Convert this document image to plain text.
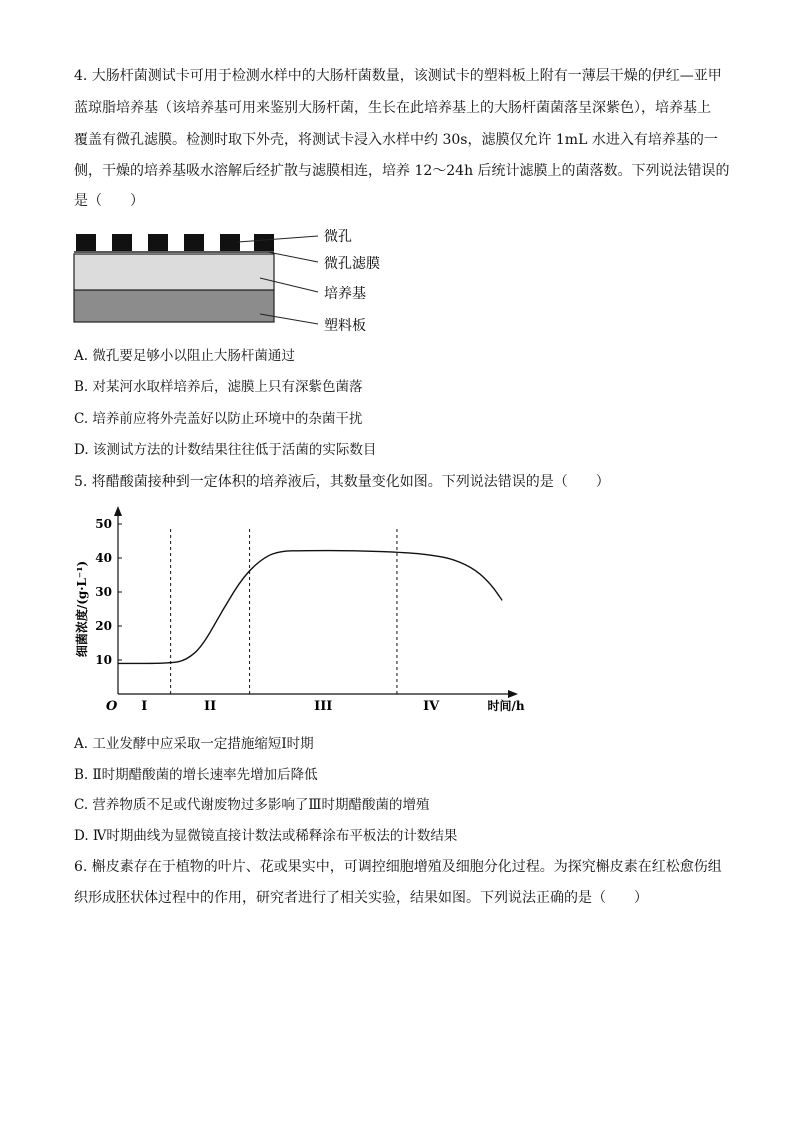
4. 大肠杆菌测试卡可用于检测水样中的大肠杆菌数量，该测试卡的塑料板上附有一薄层干燥的伊红—亚甲
蓝琼脂培养基（该培养基可用来鉴别大肠杆菌，生长在此培养基上的大肠杆菌菌落呈深紫色），培养基上
覆盖有微孔滤膜。检测时取下外壳，将测试卡浸入水样中约 30s，滤膜仅允许 1mL 水进入有培养基的一
侧，干燥的培养基吸水溶解后经扩散与滤膜相连，培养 12～24h 后统计滤膜上的菌落数。下列说法错误的
是（　　）
微孔
微孔滤膜
培养基
塑料板
A. 微孔要足够小以阻止大肠杆菌通过
B. 对某河水取样培养后，滤膜上只有深紫色菌落
C. 培养前应将外壳盖好以防止环境中的杂菌干扰
D. 该测试方法的计数结果往往低于活菌的实际数目
5. 将醋酸菌接种到一定体积的培养液后，其数量变化如图。下列说法错误的是（　　）
10
20
30
40
50
O
细菌浓度/(g·L⁻¹)
时间/h
I	II	III	IV
A. 工业发酵中应采取一定措施缩短Ⅰ时期
B. Ⅱ时期醋酸菌的增长速率先增加后降低
C. 营养物质不足或代谢废物过多影响了Ⅲ时期醋酸菌的增殖
D. Ⅳ时期曲线为显微镜直接计数法或稀释涂布平板法的计数结果
6. 槲皮素存在于植物的叶片、花或果实中，可调控细胞增殖及细胞分化过程。为探究槲皮素在红松愈伤组
织形成胚状体过程中的作用，研究者进行了相关实验，结果如图。下列说法正确的是（　　）
